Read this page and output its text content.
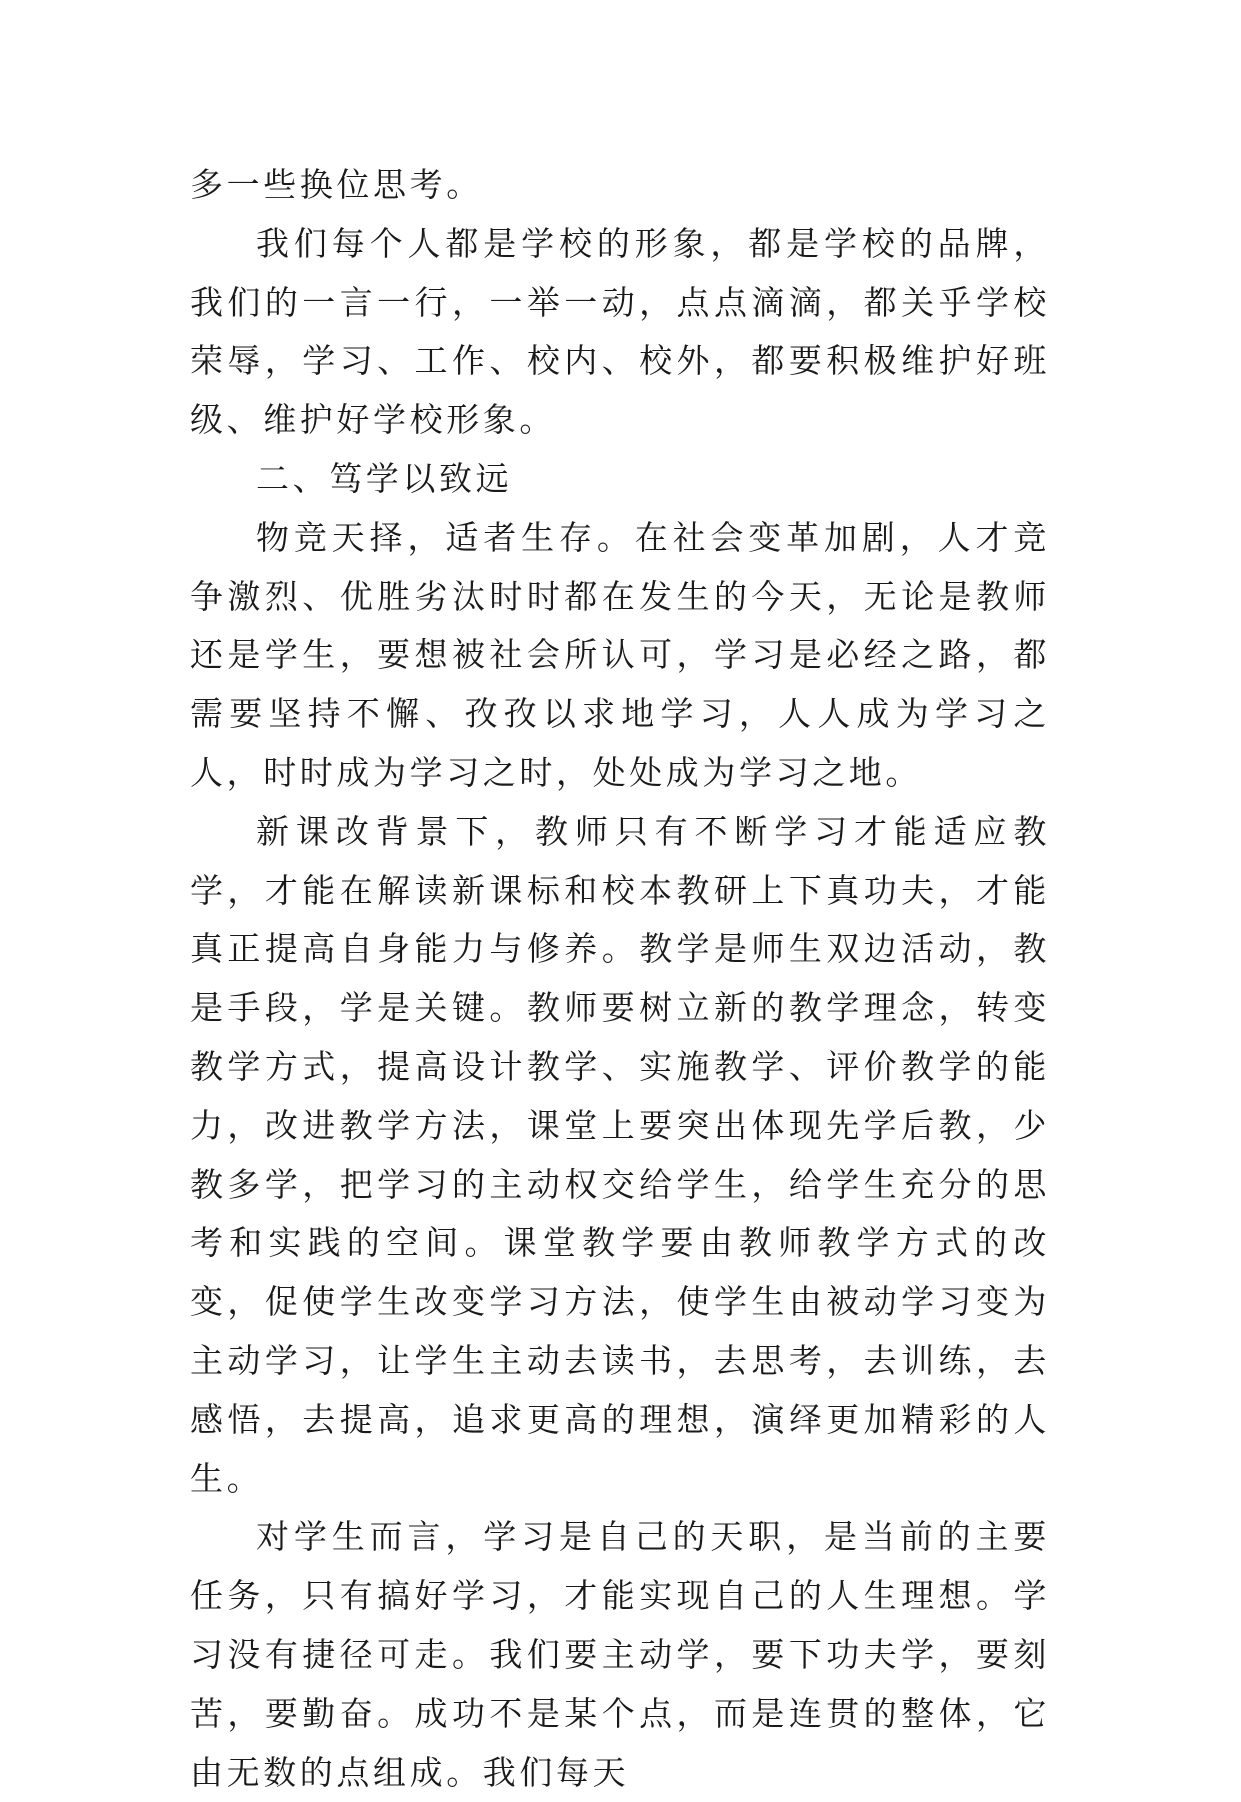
多一些换位思考。

我们每个人都是学校的形象，都是学校的品牌，我们的一言一行，一举一动，点点滴滴，都关乎学校荣辱，学习、工作、校内、校外，都要积极维护好班级、维护好学校形象。

二、笃学以致远

物竞天择，适者生存。在社会变革加剧，人才竞争激烈、优胜劣汰时时都在发生的今天，无论是教师还是学生，要想被社会所认可，学习是必经之路，都需要坚持不懈、孜孜以求地学习，人人成为学习之人，时时成为学习之时，处处成为学习之地。

新课改背景下，教师只有不断学习才能适应教学，才能在解读新课标和校本教研上下真功夫，才能真正提高自身能力与修养。教学是师生双边活动，教是手段，学是关键。教师要树立新的教学理念，转变教学方式，提高设计教学、实施教学、评价教学的能力，改进教学方法，课堂上要突出体现先学后教，少教多学，把学习的主动权交给学生，给学生充分的思考和实践的空间。课堂教学要由教师教学方式的改变，促使学生改变学习方法，使学生由被动学习变为主动学习，让学生主动去读书，去思考，去训练，去感悟，去提高，追求更高的理想，演绎更加精彩的人生。

对学生而言，学习是自己的天职，是当前的主要任务，只有搞好学习，才能实现自己的人生理想。学习没有捷径可走。我们要主动学，要下功夫学，要刻苦，要勤奋。成功不是某个点，而是连贯的整体，它由无数的点组成。我们每天
